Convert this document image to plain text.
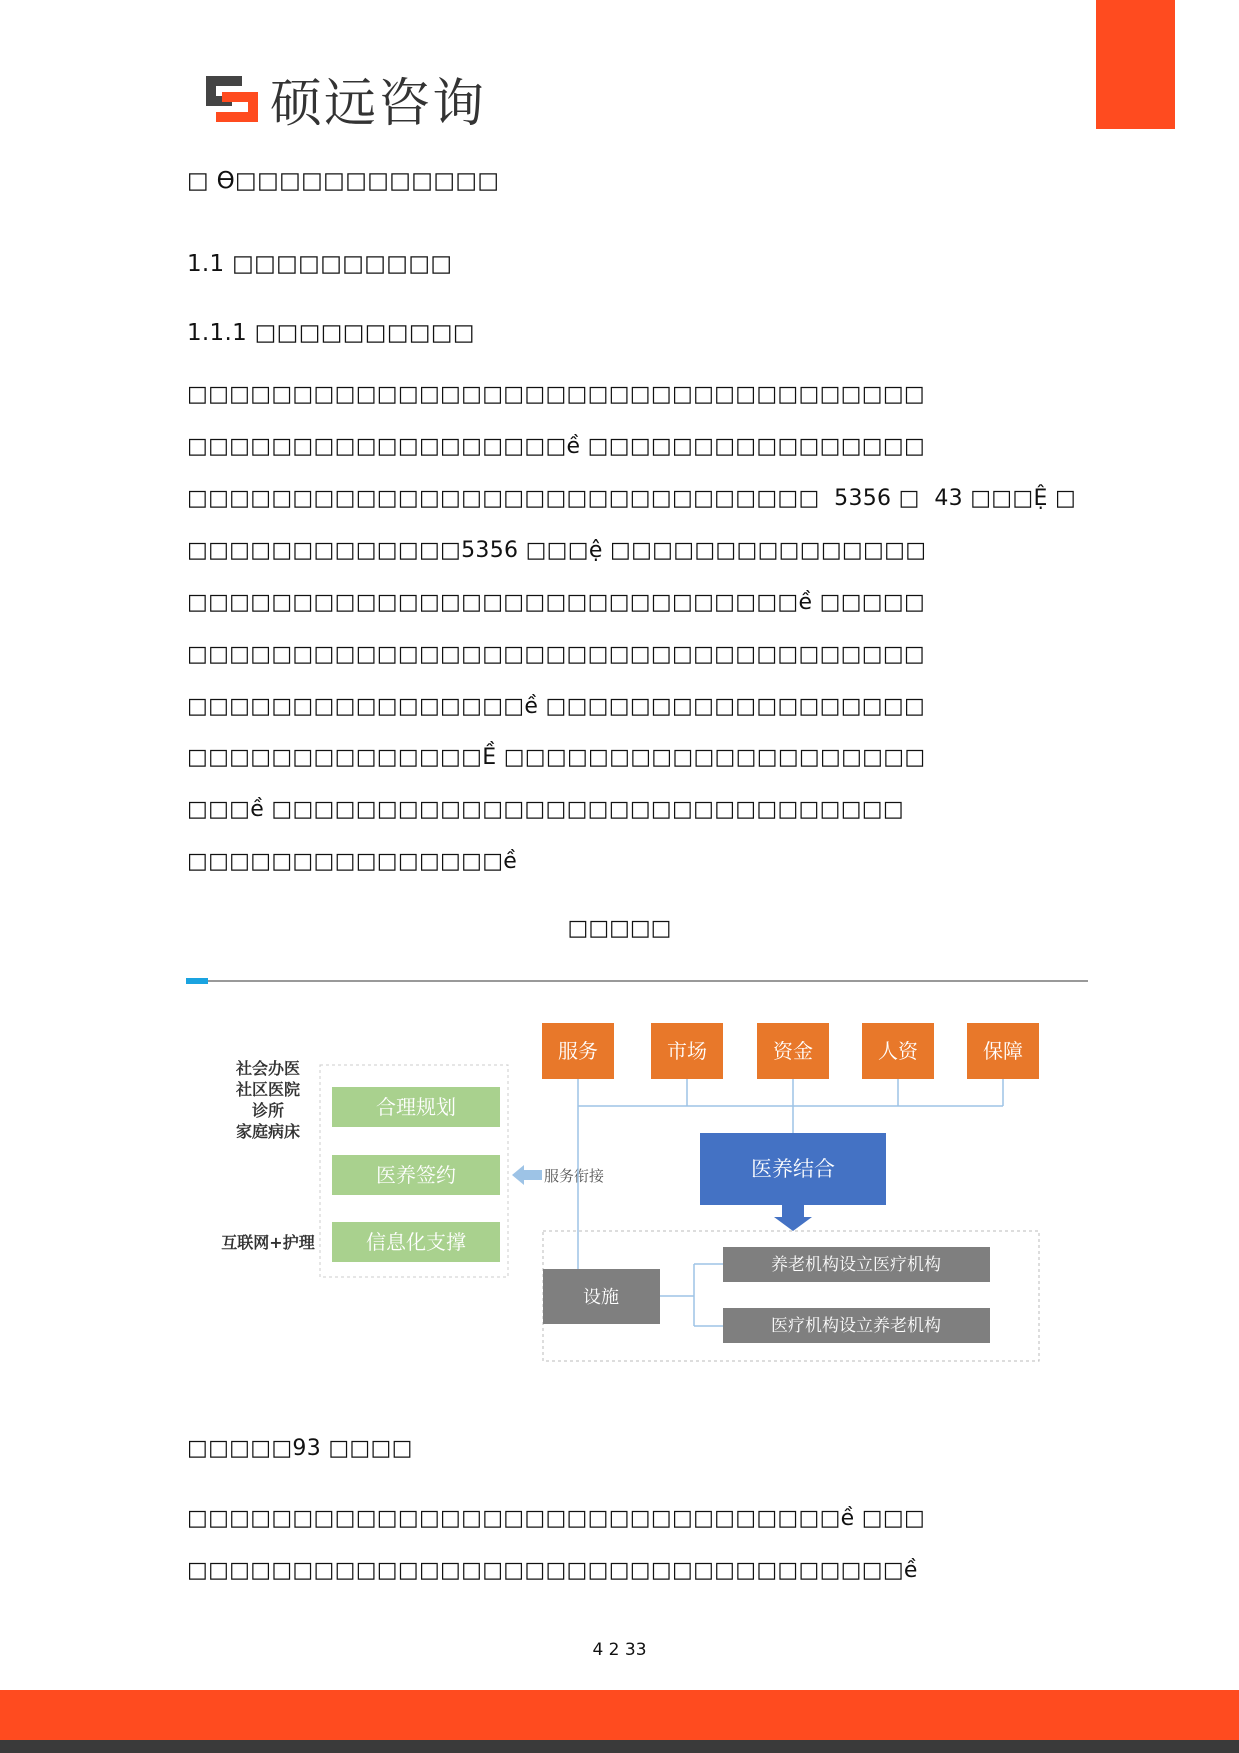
硕远咨询
□ ϴ□□□□□□□□□□□□
1.1 □□□□□□□□□□
1.1.1 □□□□□□□□□□
□□□□□□□□□□□□□□□□□□□□□□□□□□□□□□□□□□□
□□□□□□□□□□□□□□□□□□ề □□□□□□□□□□□□□□□□
□□□□□□□□□□□□□□□□□□□□□□□□□□□□□□  5356 □  43 □□□Ệ □
□□□□□□□□□□□□□5356 □□□ệ □□□□□□□□□□□□□□□
□□□□□□□□□□□□□□□□□□□□□□□□□□□□□ề □□□□□
□□□□□□□□□□□□□□□□□□□□□□□□□□□□□□□□□□□
□□□□□□□□□□□□□□□□ề □□□□□□□□□□□□□□□□□□
□□□□□□□□□□□□□□Ề □□□□□□□□□□□□□□□□□□□□
□□□ề □□□□□□□□□□□□□□□□□□□□□□□□□□□□□□
□□□□□□□□□□□□□□□ề
□□□□□
社会办医
社区医院
诊所
家庭病床
互联网+护理
合理规划
医养签约
信息化支撑
服务衔接
服务	市场	资金	人资	保障
医养结合
设施
养老机构设立医疗机构
医疗机构设立养老机构
□□□□□93 □□□□
□□□□□□□□□□□□□□□□□□□□□□□□□□□□□□□ề □□□
□□□□□□□□□□□□□□□□□□□□□□□□□□□□□□□□□□ề
4 2 33
